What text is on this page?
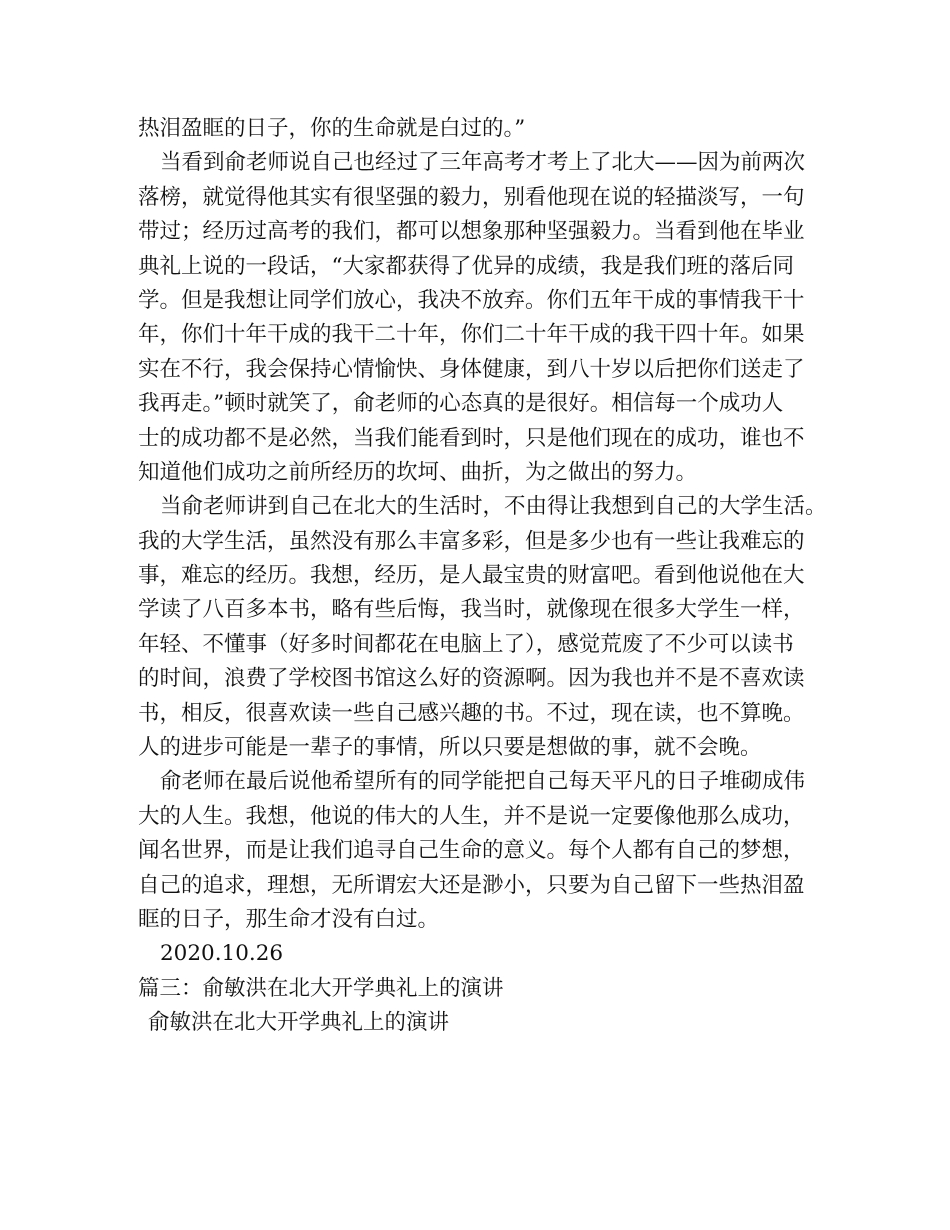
热泪盈眶的日子，你的生命就是白过的。”
当看到俞老师说自己也经过了三年高考才考上了北大——因为前两次
落榜，就觉得他其实有很坚强的毅力，别看他现在说的轻描淡写，一句
带过；经历过高考的我们，都可以想象那种坚强毅力。当看到他在毕业
典礼上说的一段话，“大家都获得了优异的成绩，我是我们班的落后同
学。但是我想让同学们放心，我决不放弃。你们五年干成的事情我干十
年，你们十年干成的我干二十年，你们二十年干成的我干四十年。如果
实在不行，我会保持心情愉快、身体健康，到八十岁以后把你们送走了
我再走。”顿时就笑了，俞老师的心态真的是很好。相信每一个成功人
士的成功都不是必然，当我们能看到时，只是他们现在的成功，谁也不
知道他们成功之前所经历的坎坷、曲折，为之做出的努力。
当俞老师讲到自己在北大的生活时，不由得让我想到自己的大学生活。
我的大学生活，虽然没有那么丰富多彩，但是多少也有一些让我难忘的
事，难忘的经历。我想，经历，是人最宝贵的财富吧。看到他说他在大
学读了八百多本书，略有些后悔，我当时，就像现在很多大学生一样，
年轻、不懂事（好多时间都花在电脑上了），感觉荒废了不少可以读书
的时间，浪费了学校图书馆这么好的资源啊。因为我也并不是不喜欢读
书，相反，很喜欢读一些自己感兴趣的书。不过，现在读，也不算晚。
人的进步可能是一辈子的事情，所以只要是想做的事，就不会晚。
俞老师在最后说他希望所有的同学能把自己每天平凡的日子堆砌成伟
大的人生。我想，他说的伟大的人生，并不是说一定要像他那么成功，
闻名世界，而是让我们追寻自己生命的意义。每个人都有自己的梦想，
自己的追求，理想，无所谓宏大还是渺小，只要为自己留下一些热泪盈
眶的日子，那生命才没有白过。
2020.10.26
篇三：俞敏洪在北大开学典礼上的演讲
俞敏洪在北大开学典礼上的演讲
